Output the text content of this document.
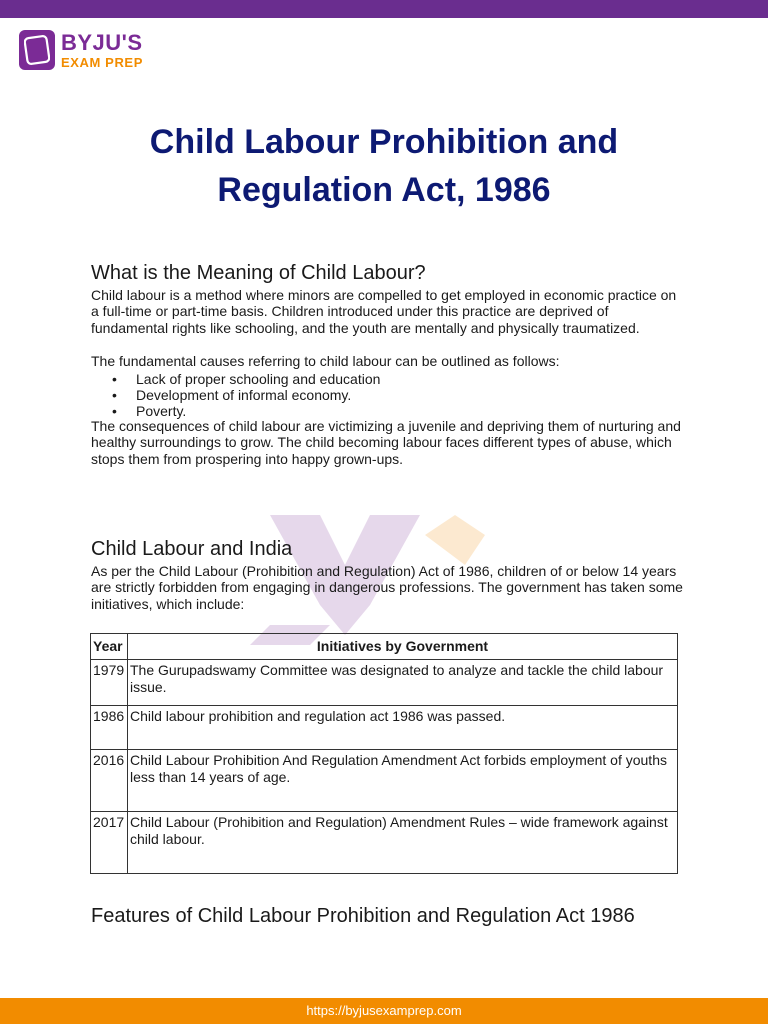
BYJU'S
EXAM PREP
Child Labour Prohibition and
Regulation Act, 1986
What is the Meaning of Child Labour?

Child labour is a method where minors are compelled to get employed in economic practice on a full-time or part-time basis. Children introduced under this practice are deprived of fundamental rights like schooling, and the youth are mentally and physically traumatized.

The fundamental causes referring to child labour can be outlined as follows:

• Lack of proper schooling and education
• Development of informal economy.
• Poverty.

The consequences of child labour are victimizing a juvenile and depriving them of nurturing and healthy surroundings to grow. The child becoming labour faces different types of abuse, which stops them from prospering into happy grown-ups.

Child Labour and India

As per the Child Labour (Prohibition and Regulation) Act of 1986, children of or below 14 years are strictly forbidden from engaging in dangerous professions. The government has taken some initiatives, which include:

Year	Initiatives by Government
1979	The Gurupadswamy Committee was designated to analyze and tackle the child labour issue.
1986	Child labour prohibition and regulation act 1986 was passed.
2016	Child Labour Prohibition And Regulation Amendment Act forbids employment of youths less than 14 years of age.
2017	Child Labour (Prohibition and Regulation) Amendment Rules – wide framework against child labour.
Features of Child Labour Prohibition and Regulation Act 1986
https://byjusexamprep.com
